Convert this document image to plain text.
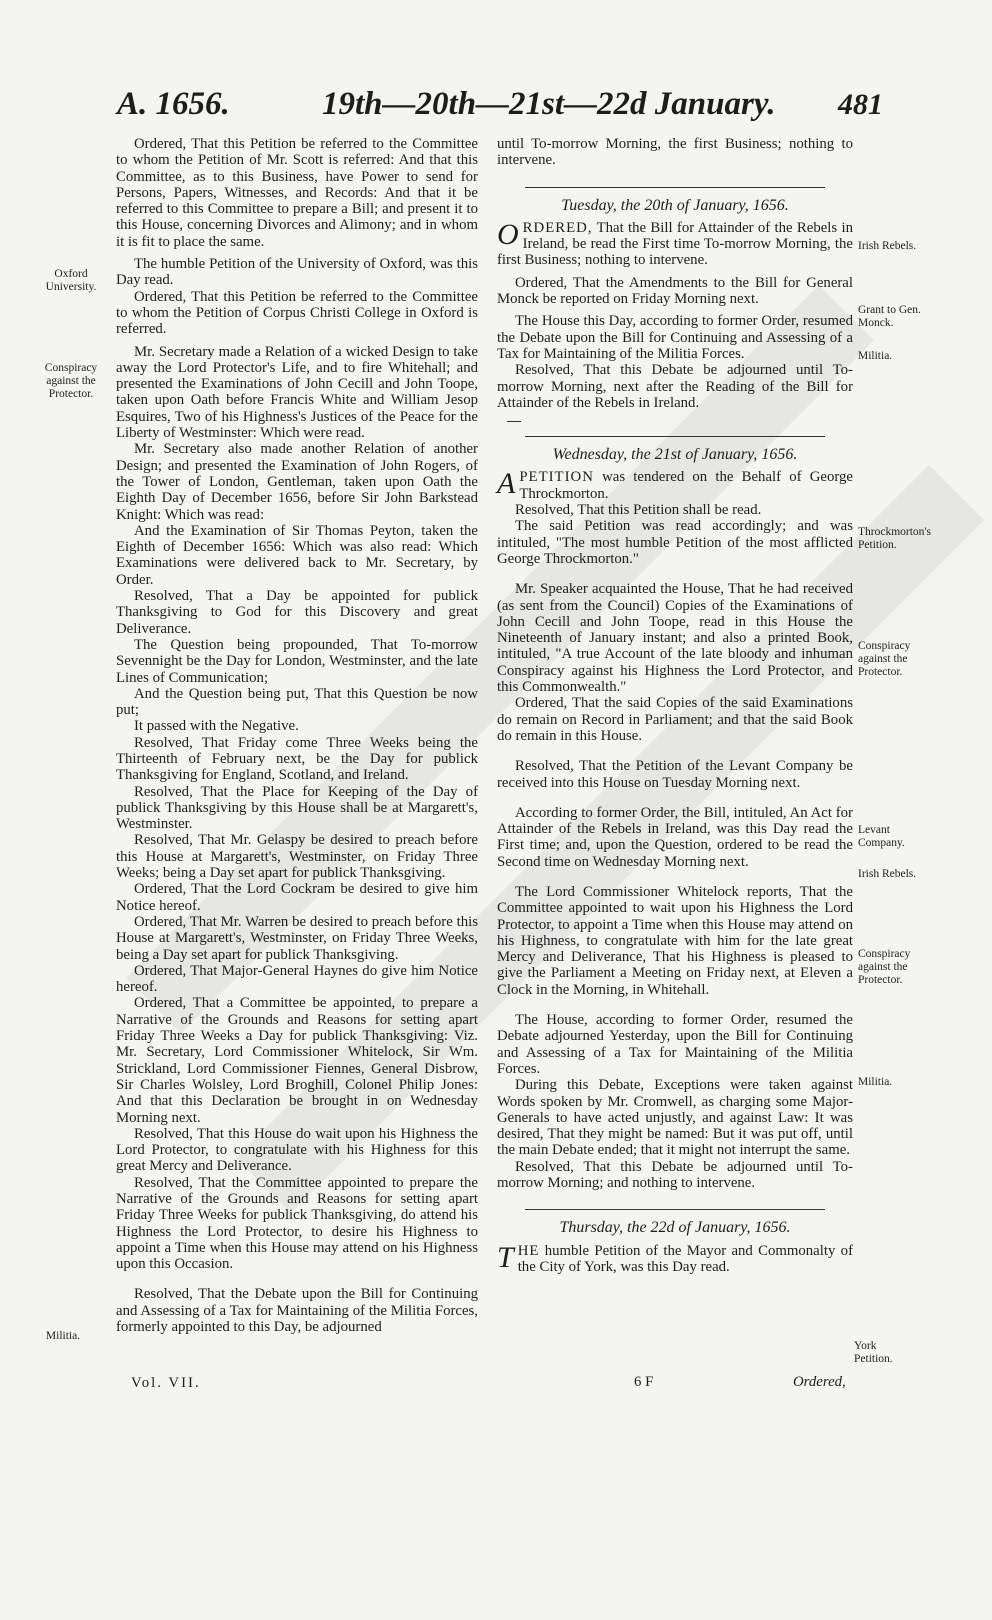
A. 1656.	19th—20th—21st—22d January. 481

Ordered, That this Petition be referred to the Committee to whom the Petition of Mr. Scott is referred: And that this Committee, as to this Business, have Power to send for Persons, Papers, Witnesses, and Records: And that it be referred to this Committee to prepare a Bill; and present it to this House, concerning Divorces and Alimony; and in whom it is fit to place the same.

The humble Petition of the University of Oxford, was this Day read.

Ordered, That this Petition be referred to the Committee to whom the Petition of Corpus Christi College in Oxford is referred.

Mr. Secretary made a Relation of a wicked Design to take away the Lord Protector's Life, and to fire Whitehall; and presented the Examinations of John Cecill and John Toope, taken upon Oath before Francis White and William Jesop Esquires, Two of his Highness's Justices of the Peace for the Liberty of Westminster: Which were read.

Mr. Secretary also made another Relation of another Design; and presented the Examination of John Rogers, of the Tower of London, Gentleman, taken upon Oath the Eighth Day of December 1656, before Sir John Barkstead Knight: Which was read:

And the Examination of Sir Thomas Peyton, taken the Eighth of December 1656: Which was also read: Which Examinations were delivered back to Mr. Secretary, by Order.

Resolved, That a Day be appointed for publick Thanksgiving to God for this Discovery and great Deliverance.

The Question being propounded, That To-morrow Sevennight be the Day for London, Westminster, and the late Lines of Communication;

And the Question being put, That this Question be now put;

It passed with the Negative.

Resolved, That Friday come Three Weeks being the Thirteenth of February next, be the Day for publick Thanksgiving for England, Scotland, and Ireland.

Resolved, That the Place for Keeping of the Day of publick Thanksgiving by this House shall be at Margarett's, Westminster.

Resolved, That Mr. Gelaspy be desired to preach before this House at Margarett's, Westminster, on Friday Three Weeks; being a Day set apart for publick Thanksgiving.

Ordered, That the Lord Cockram be desired to give him Notice hereof.

Ordered, That Mr. Warren be desired to preach before this House at Margarett's, Westminster, on Friday Three Weeks, being a Day set apart for publick Thanksgiving.

Ordered, That Major-General Haynes do give him Notice hereof.

Ordered, That a Committee be appointed, to prepare a Narrative of the Grounds and Reasons for setting apart Friday Three Weeks a Day for publick Thanksgiving: Viz. Mr. Secretary, Lord Commissioner Whitelock, Sir Wm. Strickland, Lord Commissioner Fiennes, General Disbrow, Sir Charles Wolsley, Lord Broghill, Colonel Philip Jones: And that this Declaration be brought in on Wednesday Morning next.

Resolved, That this House do wait upon his Highness the Lord Protector, to congratulate with his Highness for this great Mercy and Deliverance.

Resolved, That the Committee appointed to prepare the Narrative of the Grounds and Reasons for setting apart Friday Three Weeks for publick Thanksgiving, do attend his Highness the Lord Protector, to desire his Highness to appoint a Time when this House may attend on his Highness upon this Occasion.

Resolved, That the Debate upon the Bill for Continuing and Assessing of a Tax for Maintaining of the Militia Forces, formerly appointed to this Day, be adjourned

until To-morrow Morning, the first Business; nothing to intervene.

Tuesday, the 20th of January, 1656.

ORDERED, That the Bill for Attainder of the Rebels in Ireland, be read the First time To-morrow Morning, the first Business; nothing to intervene.

Ordered, That the Amendments to the Bill for General Monck be reported on Friday Morning next.

The House this Day, according to former Order, resumed the Debate upon the Bill for Continuing and Assessing of a Tax for Maintaining of the Militia Forces.

Resolved, That this Debate be adjourned until To-morrow Morning, next after the Reading of the Bill for Attainder of the Rebels in Ireland.

Wednesday, the 21st of January, 1656.

APETITION was tendered on the Behalf of George Throckmorton.

Resolved, That this Petition shall be read.

The said Petition was read accordingly; and was intituled, "The most humble Petition of the most afflicted George Throckmorton."

Mr. Speaker acquainted the House, That he had received (as sent from the Council) Copies of the Examinations of John Cecill and John Toope, read in this House the Nineteenth of January instant; and also a printed Book, intituled, "A true Account of the late bloody and inhuman Conspiracy against his Highness the Lord Protector, and this Commonwealth."

Ordered, That the said Copies of the said Examinations do remain on Record in Parliament; and that the said Book do remain in this House.

Resolved, That the Petition of the Levant Company be received into this House on Tuesday Morning next.

According to former Order, the Bill, intituled, An Act for Attainder of the Rebels in Ireland, was this Day read the First time; and, upon the Question, ordered to be read the Second time on Wednesday Morning next.

The Lord Commissioner Whitelock reports, That the Committee appointed to wait upon his Highness the Lord Protector, to appoint a Time when this House may attend on his Highness, to congratulate with him for the late great Mercy and Deliverance, That his Highness is pleased to give the Parliament a Meeting on Friday next, at Eleven a Clock in the Morning, in Whitehall.

The House, according to former Order, resumed the Debate adjourned Yesterday, upon the Bill for Continuing and Assessing of a Tax for Maintaining of the Militia Forces.

During this Debate, Exceptions were taken against Words spoken by Mr. Cromwell, as charging some Major-Generals to have acted unjustly, and against Law: It was desired, That they might be named: But it was put off, until the main Debate ended; that it might not interrupt the same.

Resolved, That this Debate be adjourned until To-morrow Morning; and nothing to intervene.

Thursday, the 22d of January, 1656.

THE humble Petition of the Mayor and Commonalty of the City of York, was this Day read.

Oxford University.
Conspiracy against the Protector.
Militia.
Irish Rebels.
Grant to Gen. Monck.
Militia.
Throckmorton's Petition.
Conspiracy against the Protector.
Levant Company.
Irish Rebels.
Conspiracy against the Protector.
Militia.
York Petition.
Vol. VII.	6 F	Ordered,
